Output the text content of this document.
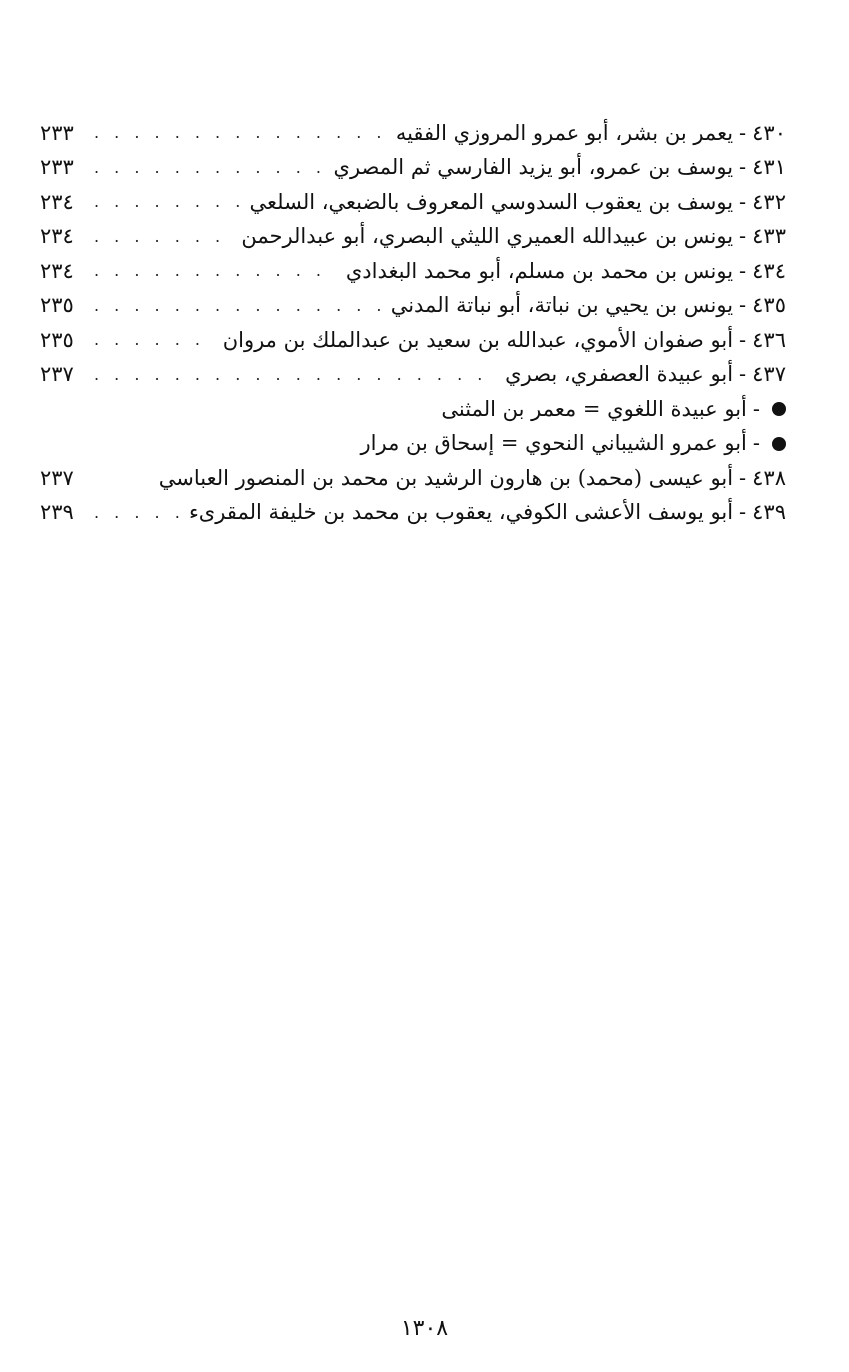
٤٣٠
-
يعمر بن بشر، أبو عمرو المروزي الفقيه
. . .
٢٣٣
٤٣١
-
يوسف بن عمرو، أبو يزيد الفارسي ثم المصري
. . .
٢٣٣
٤٣٢
-
يوسف بن يعقوب السدوسي المعروف بالضبعي، السلعي
. . .
٢٣٤
٤٣٣
-
يونس بن عبيدالله العميري الليثي البصري، أبو عبدالرحمن
. . .
٢٣٤
٤٣٤
-
يونس بن محمد بن مسلم، أبو محمد البغدادي
. . .
٢٣٤
٤٣٥
-
يونس بن يحيي بن نباتة، أبو نباتة المدني
. . .
٢٣٥
٤٣٦
-
أبو صفوان الأموي، عبدالله بن سعيد بن عبدالملك بن مروان
. . .
٢٣٥
٤٣٧
-
أبو عبيدة العصفري، بصري
. . .
٢٣٧
-
أبو عبيدة اللغوي = معمر بن المثنى
-
أبو عمرو الشيباني النحوي = إسحاق بن مرار
٤٣٨
-
أبو عيسى (محمد) بن هارون الرشيد بن محمد بن المنصور العباسي
٢٣٧
٤٣٩
-
أبو يوسف الأعشى الكوفي، يعقوب بن محمد بن خليفة المقرىء
. . .
٢٣٩
١٣٠٨
